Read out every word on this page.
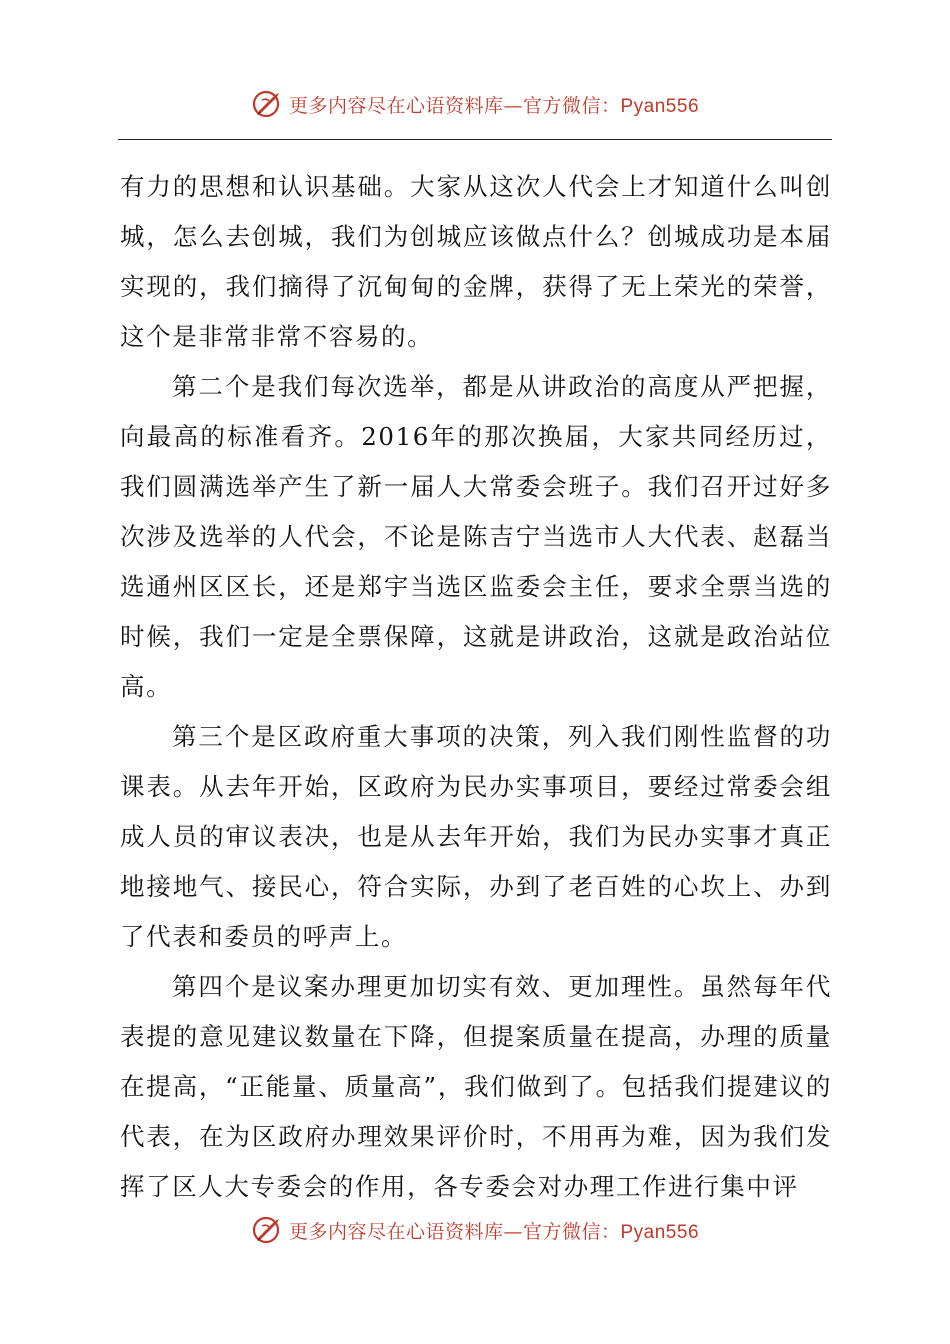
更多内容尽在心语资料库—官方微信：Pyan556

有力的思想和认识基础。大家从这次人代会上才知道什么叫创城，怎么去创城，我们为创城应该做点什么？创城成功是本届实现的，我们摘得了沉甸甸的金牌，获得了无上荣光的荣誉，这个是非常非常不容易的。

第二个是我们每次选举，都是从讲政治的高度从严把握，向最高的标准看齐。2016年的那次换届，大家共同经历过，我们圆满选举产生了新一届人大常委会班子。我们召开过好多次涉及选举的人代会，不论是陈吉宁当选市人大代表、赵磊当选通州区区长，还是郑宇当选区监委会主任，要求全票当选的时候，我们一定是全票保障，这就是讲政治，这就是政治站位高。

第三个是区政府重大事项的决策，列入我们刚性监督的功课表。从去年开始，区政府为民办实事项目，要经过常委会组成人员的审议表决，也是从去年开始，我们为民办实事才真正地接地气、接民心，符合实际，办到了老百姓的心坎上、办到了代表和委员的呼声上。

第四个是议案办理更加切实有效、更加理性。虽然每年代表提的意见建议数量在下降，但提案质量在提高，办理的质量在提高，“正能量、质量高”，我们做到了。包括我们提建议的代表，在为区政府办理效果评价时，不用再为难，因为我们发挥了区人大专委会的作用，各专委会对办理工作进行集中评

更多内容尽在心语资料库—官方微信：Pyan556
